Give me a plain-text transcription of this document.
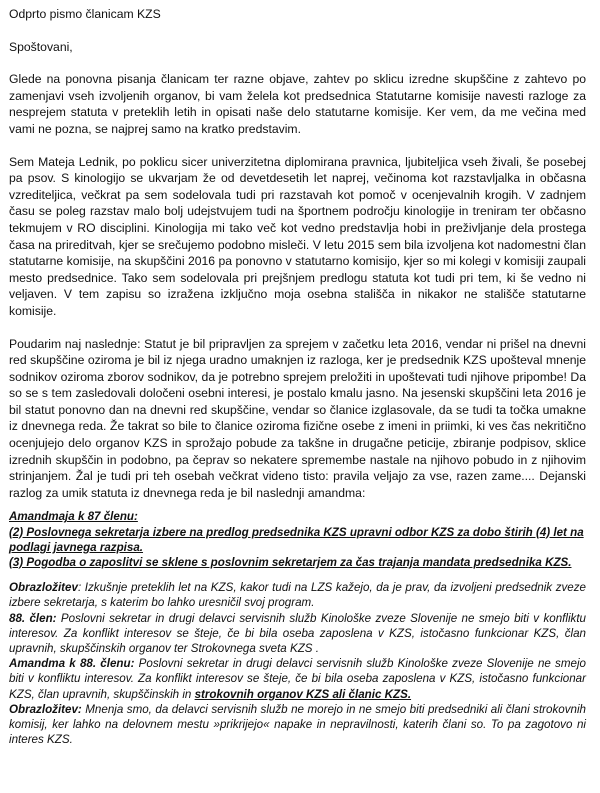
Odprto pismo članicam KZS

Spoštovani,

Glede na ponovna pisanja članicam ter razne objave, zahtev po sklicu izredne skupščine z zahtevo po zamenjavi vseh izvoljenih organov, bi vam želela kot predsednica Statutarne komisije navesti razloge za nesprejem statuta v preteklih letih in opisati naše delo statutarne komisije. Ker vem, da me večina med vami ne pozna, se najprej samo na kratko predstavim.

Sem Mateja Lednik, po poklicu sicer univerzitetna diplomirana pravnica, ljubiteljica vseh živali, še posebej pa psov. S kinologijo se ukvarjam že od devetdesetih let naprej, večinoma kot razstavljalka in občasna vzrediteljica, večkrat pa sem sodelovala tudi pri razstavah kot pomoč v ocenjevalnih krogih. V zadnjem času se poleg razstav malo bolj udejstvujem tudi na športnem področju kinologije in treniram ter občasno tekmujem v RO disciplini. Kinologija mi tako več kot vedno predstavlja hobi in preživljanje dela prostega časa na prireditvah, kjer se srečujemo podobno misleči. V letu 2015 sem bila izvoljena kot nadomestni član statutarne komisije, na skupščini 2016 pa ponovno v statutarno komisijo, kjer so mi kolegi v komisiji zaupali mesto predsednice. Tako sem sodelovala pri prejšnjem predlogu statuta kot tudi pri tem, ki še vedno ni veljaven. V tem zapisu so izražena izključno moja osebna stališča in nikakor ne stališče statutarne komisije.

Poudarim naj naslednje: Statut je bil pripravljen za sprejem v začetku leta 2016, vendar ni prišel na dnevni red skupščine oziroma je bil iz njega uradno umaknjen iz razloga, ker je predsednik KZS upošteval mnenje sodnikov oziroma zborov sodnikov, da je potrebno sprejem preložiti in upoštevati tudi njihove pripombe! Da so se s tem zasledovali določeni osebni interesi, je postalo kmalu jasno. Na jesenski skupščini leta 2016 je bil statut ponovno dan na dnevni red skupščine, vendar so članice izglasovale, da se tudi ta točka umakne iz dnevnega reda. Že takrat so bile to članice oziroma fizične osebe z imeni in priimki, ki ves čas nekritično ocenjujejo delo organov KZS in sprožajo pobude za takšne in drugačne peticije, zbiranje podpisov, sklice izrednih skupščin in podobno, pa čeprav so nekatere spremembe nastale na njihovo pobudo in z njihovim strinjanjem. Žal je tudi pri teh osebah večkrat videno tisto: pravila veljajo za vse, razen zame.... Dejanski razlog za umik statuta iz dnevnega reda je bil naslednji amandma:

Amandmaja k 87 členu:

(2) Poslovnega sekretarja izbere na predlog predsednika KZS upravni odbor KZS za dobo štirih (4) let na podlagi javnega razpisa.

(3) Pogodba o zaposlitvi se sklene s poslovnim sekretarjem za čas trajanja mandata predsednika KZS.

Obrazložitev: Izkušnje preteklih let na KZS, kakor tudi na LZS kažejo, da je prav, da izvoljeni predsednik zveze izbere sekretarja, s katerim bo lahko uresničil svoj program.

88. člen: Poslovni sekretar in drugi delavci servisnih služb Kinološke zveze Slovenije ne smejo biti v konfliktu interesov. Za konflikt interesov se šteje, če bi bila oseba zaposlena v KZS, istočasno funkcionar KZS, član upravnih, skupščinskih organov ter Strokovnega sveta KZS .

Amandma k 88. členu: Poslovni sekretar in drugi delavci servisnih služb Kinološke zveze Slovenije ne smejo biti v konfliktu interesov. Za konflikt interesov se šteje, če bi bila oseba zaposlena v KZS, istočasno funkcionar KZS, član upravnih, skupščinskih in strokovnih organov KZS ali članic KZS.

Obrazložitev: Mnenja smo, da delavci servisnih služb ne morejo in ne smejo biti predsedniki ali člani strokovnih komisij, ker lahko na delovnem mestu »prikrijejo« napake in nepravilnosti, katerih člani so. To pa zagotovo ni interes KZS.
